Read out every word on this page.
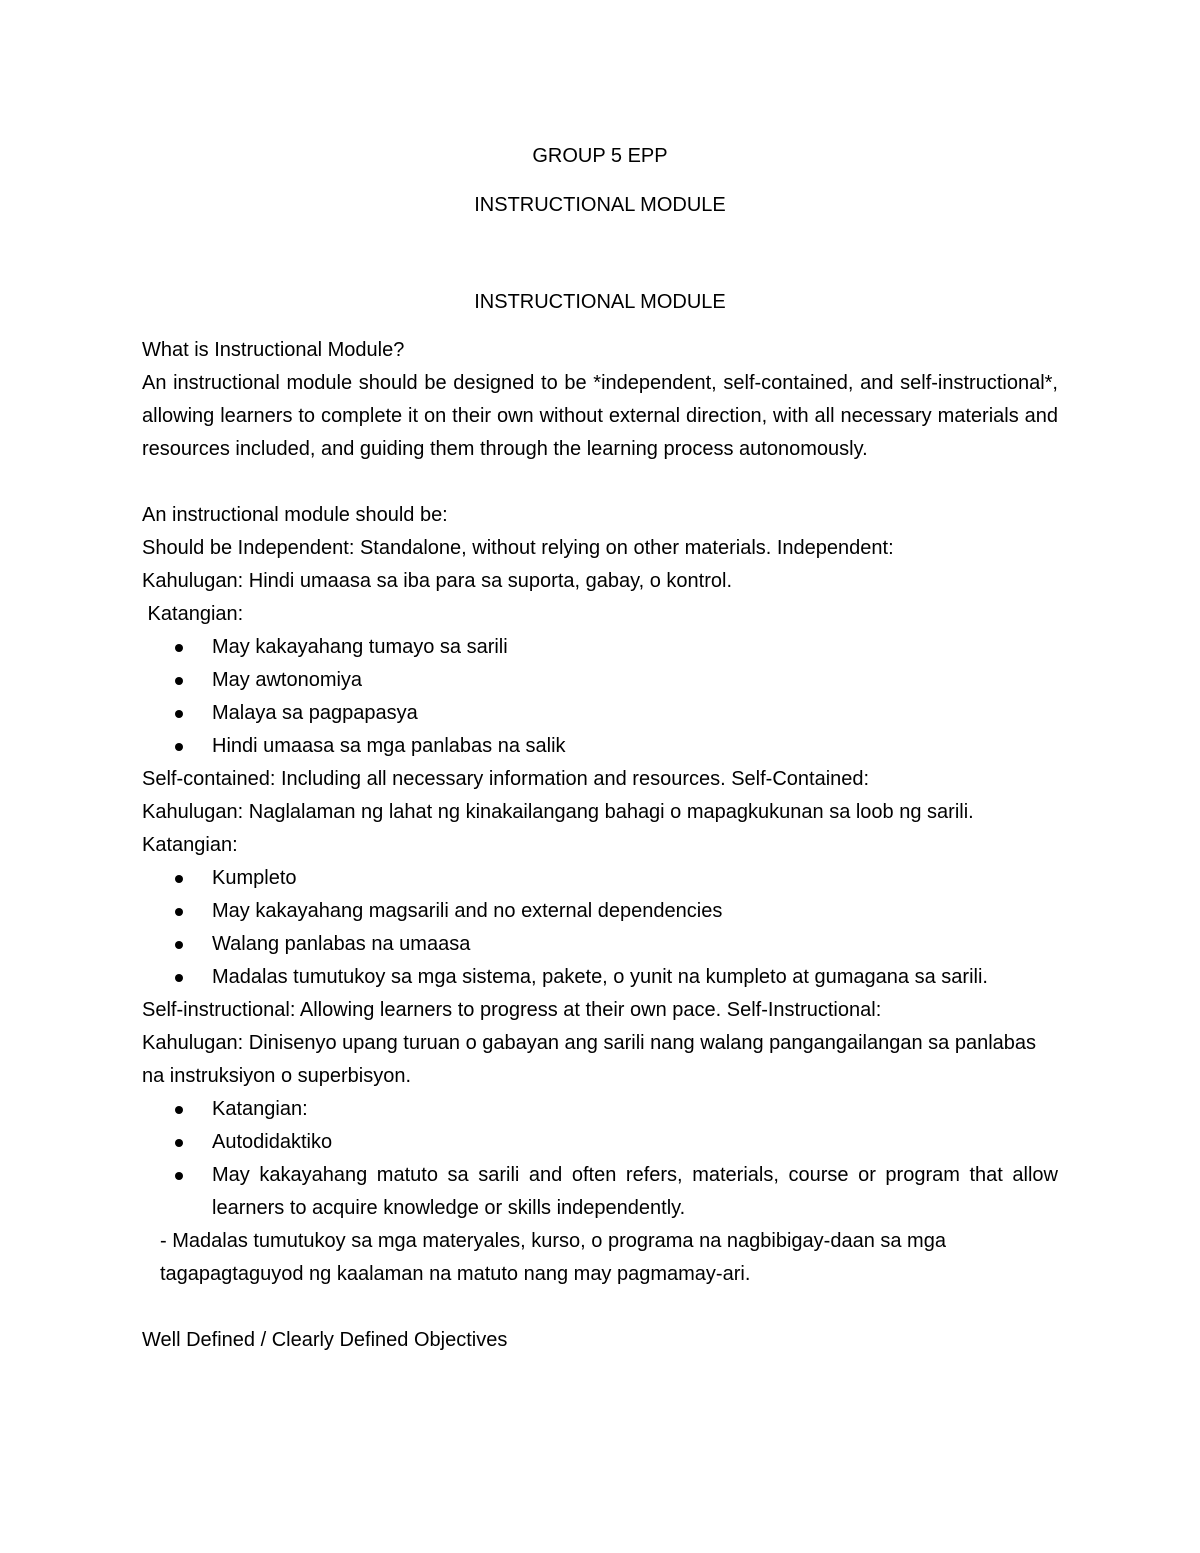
GROUP 5 EPP
INSTRUCTIONAL MODULE
INSTRUCTIONAL MODULE

What is Instructional Module?

An instructional module should be designed to be *independent, self-contained, and self-instructional*, allowing learners to complete it on their own without external direction, with all necessary materials and resources included, and guiding them through the learning process autonomously.

An instructional module should be:

Should be Independent: Standalone, without relying on other materials. Independent:

Kahulugan: Hindi umaasa sa iba para sa suporta, gabay, o kontrol.

Katangian:

May kakayahang tumayo sa sarili
May awtonomiya
Malaya sa pagpapasya
Hindi umaasa sa mga panlabas na salik

Self-contained: Including all necessary information and resources. Self-Contained:

Kahulugan: Naglalaman ng lahat ng kinakailangang bahagi o mapagkukunan sa loob ng sarili.

Katangian:

Kumpleto
May kakayahang magsarili and no external dependencies
Walang panlabas na umaasa
Madalas tumutukoy sa mga sistema, pakete, o yunit na kumpleto at gumagana sa sarili.

Self-instructional: Allowing learners to progress at their own pace. Self-Instructional:

Kahulugan: Dinisenyo upang turuan o gabayan ang sarili nang walang pangangailangan sa panlabas na instruksiyon o superbisyon.

Katangian:
Autodidaktiko
May kakayahang matuto sa sarili and often refers, materials, course or program that allow learners to acquire knowledge or skills independently.

- Madalas tumutukoy sa mga materyales, kurso, o programa na nagbibigay-daan sa mga tagapagtaguyod ng kaalaman na matuto nang may pagmamay-ari.

Well Defined / Clearly Defined Objectives
